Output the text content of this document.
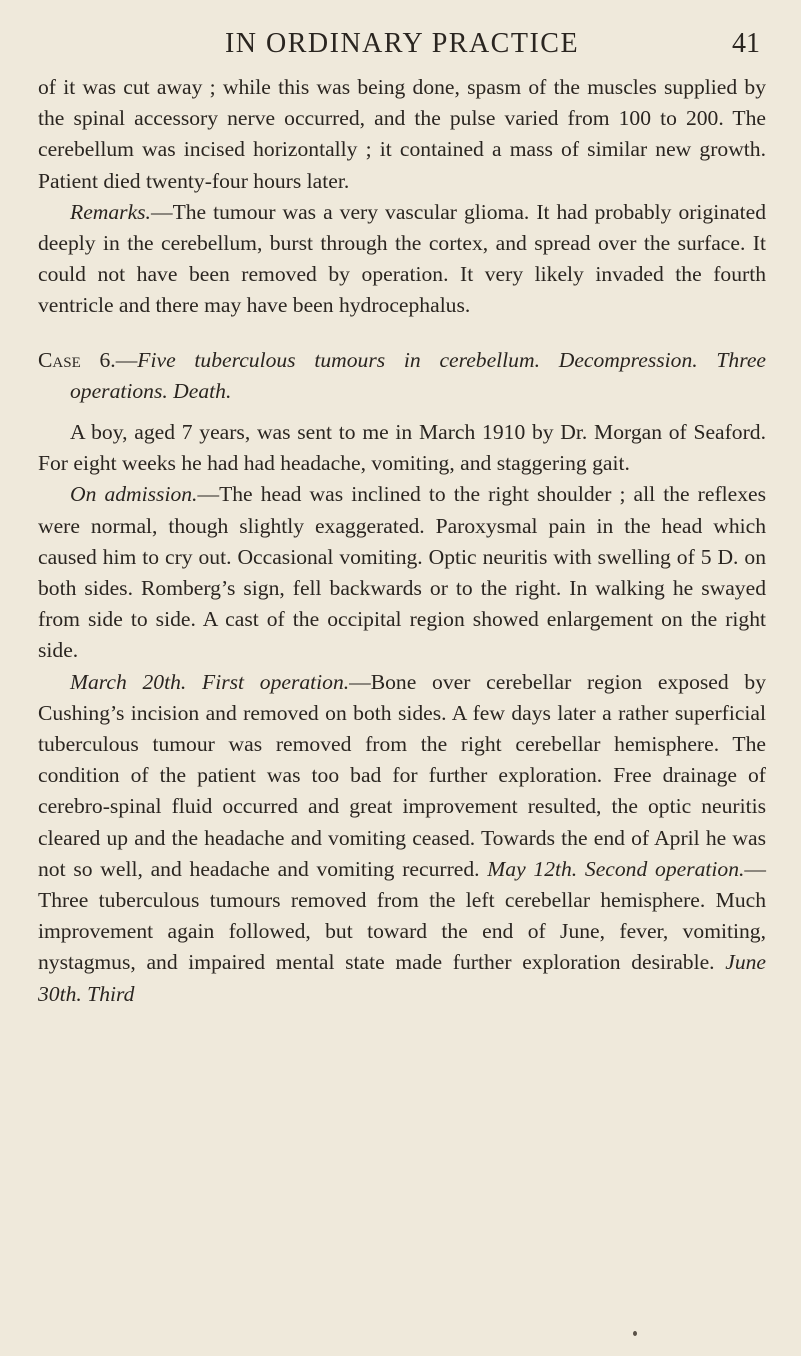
IN ORDINARY PRACTICE	41

of it was cut away ; while this was being done, spasm of the muscles supplied by the spinal accessory nerve occurred, and the pulse varied from 100 to 200. The cerebellum was incised horizontally ; it contained a mass of similar new growth. Patient died twenty-four hours later.

Remarks.—The tumour was a very vascular glioma. It had probably originated deeply in the cerebellum, burst through the cortex, and spread over the surface. It could not have been removed by operation. It very likely invaded the fourth ventricle and there may have been hydrocephalus.

Case 6.—Five tuberculous tumours in cerebellum. Decompression. Three operations. Death.

A boy, aged 7 years, was sent to me in March 1910 by Dr. Morgan of Seaford. For eight weeks he had had headache, vomiting, and staggering gait.

On admission.—The head was inclined to the right shoulder ; all the reflexes were normal, though slightly exaggerated. Paroxysmal pain in the head which caused him to cry out. Occasional vomiting. Optic neuritis with swelling of 5 D. on both sides. Romberg’s sign, fell backwards or to the right. In walking he swayed from side to side. A cast of the occipital region showed enlargement on the right side.

March 20th. First operation.—Bone over cerebellar region exposed by Cushing’s incision and removed on both sides. A few days later a rather superficial tuberculous tumour was removed from the right cerebellar hemisphere. The condition of the patient was too bad for further exploration. Free drainage of cerebro-spinal fluid occurred and great improvement resulted, the optic neuritis cleared up and the headache and vomiting ceased. Towards the end of April he was not so well, and headache and vomiting recurred. May 12th. Second operation.—Three tuberculous tumours removed from the left cerebellar hemisphere. Much improvement again followed, but toward the end of June, fever, vomiting, nystagmus, and impaired mental state made further exploration desirable. June 30th. Third
